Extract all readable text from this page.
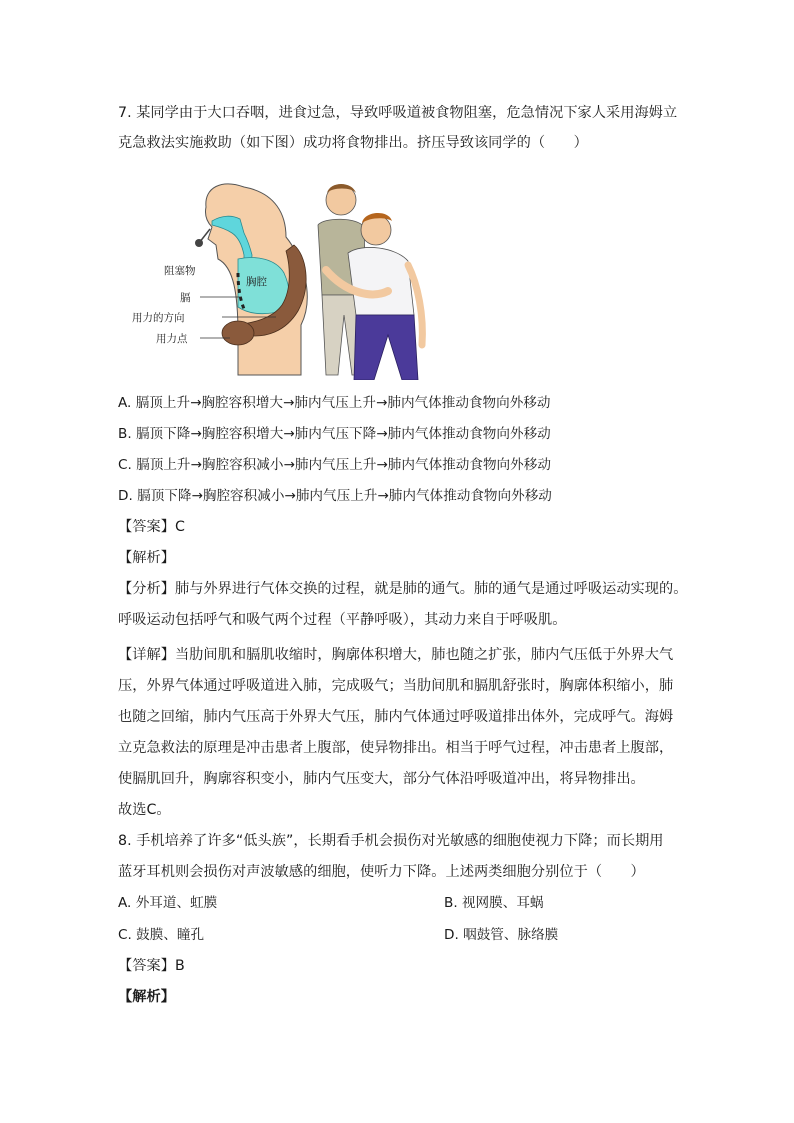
7. 某同学由于大口吞咽，进食过急，导致呼吸道被食物阻塞，危急情况下家人采用海姆立
克急救法实施救助（如下图）成功将食物排出。挤压导致该同学的（　　）
阻塞物
胸腔
膈
用力的方向
用力点
A. 膈顶上升→胸腔容积增大→肺内气压上升→肺内气体推动食物向外移动
B. 膈顶下降→胸腔容积增大→肺内气压下降→肺内气体推动食物向外移动
C. 膈顶上升→胸腔容积减小→肺内气压上升→肺内气体推动食物向外移动
D. 膈顶下降→胸腔容积减小→肺内气压上升→肺内气体推动食物向外移动
【答案】C
【解析】
【分析】肺与外界进行气体交换的过程，就是肺的通气。肺的通气是通过呼吸运动实现的。
呼吸运动包括呼气和吸气两个过程（平静呼吸），其动力来自于呼吸肌。
【详解】当肋间肌和膈肌收缩时，胸廓体积增大，肺也随之扩张，肺内气压低于外界大气
压，外界气体通过呼吸道进入肺，完成吸气；当肋间肌和膈肌舒张时，胸廓体积缩小，肺
也随之回缩，肺内气压高于外界大气压，肺内气体通过呼吸道排出体外，完成呼气。海姆
立克急救法的原理是冲击患者上腹部，使异物排出。相当于呼气过程，冲击患者上腹部，
使膈肌回升，胸廓容积变小，肺内气压变大，部分气体沿呼吸道冲出，将异物排出。
故选C。
8. 手机培养了许多“低头族”，长期看手机会损伤对光敏感的细胞使视力下降；而长期用
蓝牙耳机则会损伤对声波敏感的细胞，使听力下降。上述两类细胞分别位于（　　）
A. 外耳道、虹膜	B. 视网膜、耳蜗
C. 鼓膜、瞳孔	D. 咽鼓管、脉络膜
【答案】B
【解析】
